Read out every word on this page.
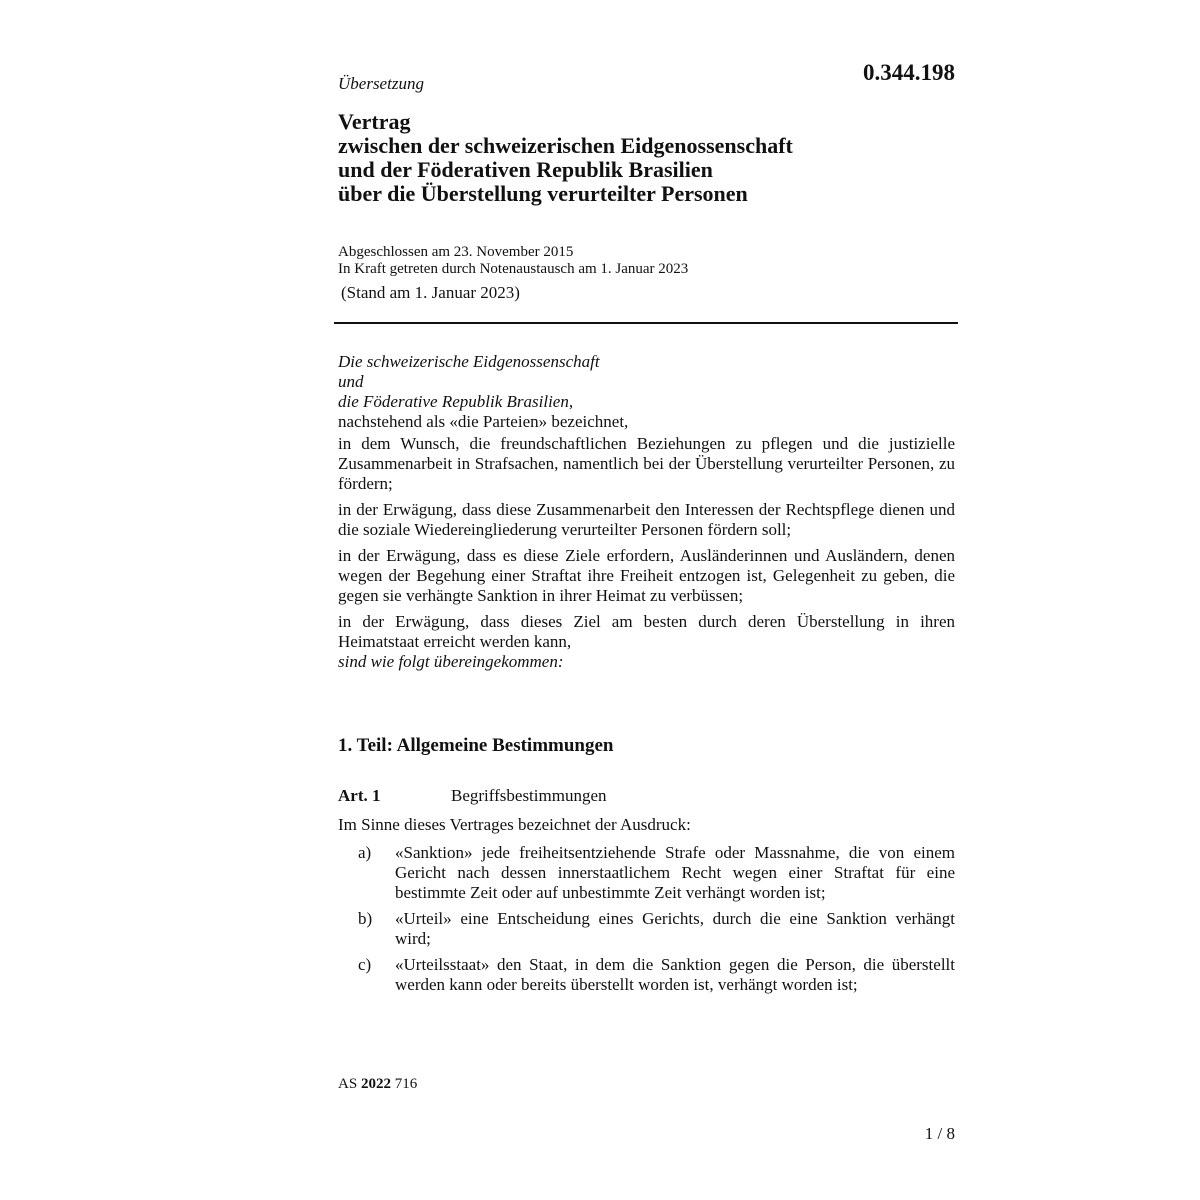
Übersetzung	0.344.198
Vertrag
zwischen der schweizerischen Eidgenossenschaft
und der Föderativen Republik Brasilien
über die Überstellung verurteilter Personen
Abgeschlossen am 23. November 2015
In Kraft getreten durch Notenaustausch am 1. Januar 2023
(Stand am 1. Januar 2023)
Die schweizerische Eidgenossenschaft
und
die Föderative Republik Brasilien,
nachstehend als «die Parteien» bezeichnet,

in dem Wunsch, die freundschaftlichen Beziehungen zu pflegen und die justizielle Zusammenarbeit in Strafsachen, namentlich bei der Überstellung verurteilter Personen, zu fördern;

in der Erwägung, dass diese Zusammenarbeit den Interessen der Rechtspflege dienen und die soziale Wiedereingliederung verurteilter Personen fördern soll;

in der Erwägung, dass es diese Ziele erfordern, Ausländerinnen und Ausländern, denen wegen der Begehung einer Straftat ihre Freiheit entzogen ist, Gelegenheit zu geben, die gegen sie verhängte Sanktion in ihrer Heimat zu verbüssen;

in der Erwägung, dass dieses Ziel am besten durch deren Überstellung in ihren Heimatstaat erreicht werden kann,

sind wie folgt übereingekommen:
1. Teil: Allgemeine Bestimmungen
Art. 1	Begriffsbestimmungen
Im Sinne dieses Vertrages bezeichnet der Ausdruck:
a)	«Sanktion» jede freiheitsentziehende Strafe oder Massnahme, die von einem Gericht nach dessen innerstaatlichem Recht wegen einer Straftat für eine bestimmte Zeit oder auf unbestimmte Zeit verhängt worden ist;
b)	«Urteil» eine Entscheidung eines Gerichts, durch die eine Sanktion verhängt wird;
c)	«Urteilsstaat» den Staat, in dem die Sanktion gegen die Person, die überstellt werden kann oder bereits überstellt worden ist, verhängt worden ist;
AS 2022 716
1 / 8
